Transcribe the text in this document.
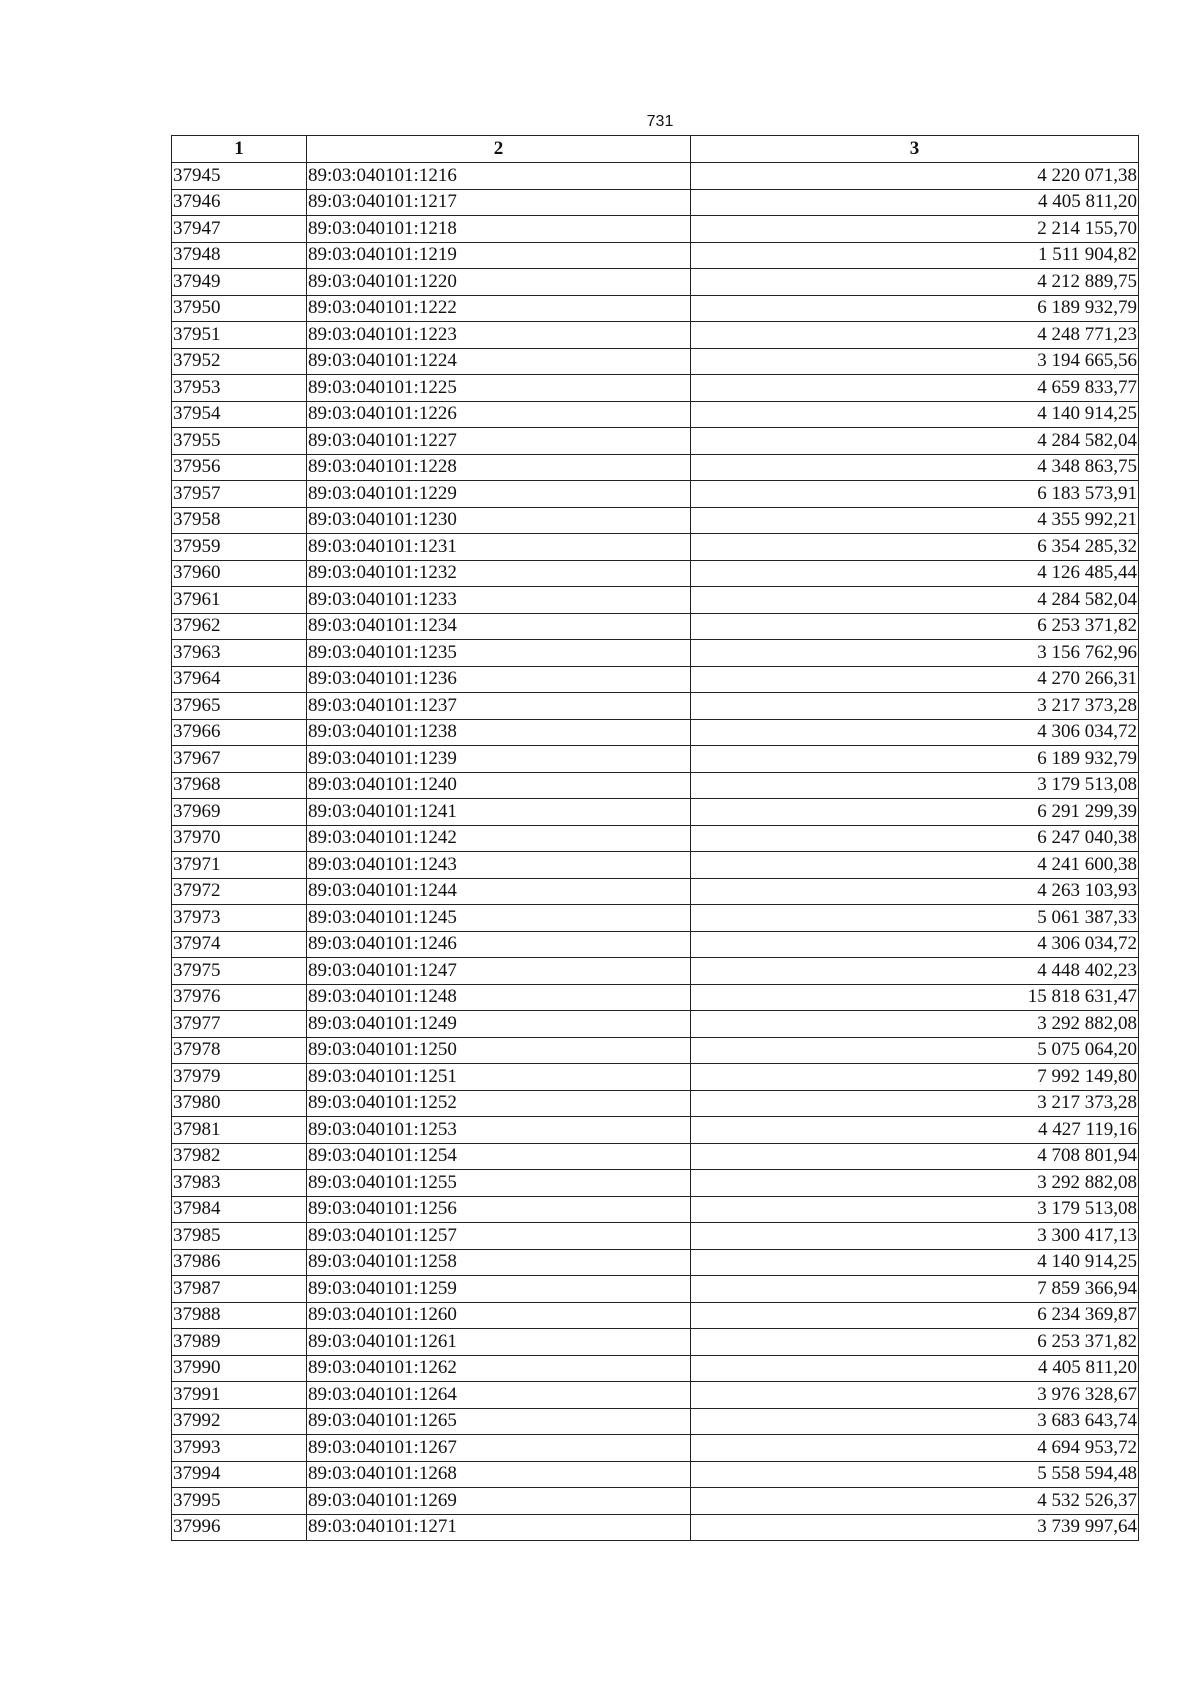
731
1	2	3
37945	89:03:040101:1216	4 220 071,38
37946	89:03:040101:1217	4 405 811,20
37947	89:03:040101:1218	2 214 155,70
37948	89:03:040101:1219	1 511 904,82
37949	89:03:040101:1220	4 212 889,75
37950	89:03:040101:1222	6 189 932,79
37951	89:03:040101:1223	4 248 771,23
37952	89:03:040101:1224	3 194 665,56
37953	89:03:040101:1225	4 659 833,77
37954	89:03:040101:1226	4 140 914,25
37955	89:03:040101:1227	4 284 582,04
37956	89:03:040101:1228	4 348 863,75
37957	89:03:040101:1229	6 183 573,91
37958	89:03:040101:1230	4 355 992,21
37959	89:03:040101:1231	6 354 285,32
37960	89:03:040101:1232	4 126 485,44
37961	89:03:040101:1233	4 284 582,04
37962	89:03:040101:1234	6 253 371,82
37963	89:03:040101:1235	3 156 762,96
37964	89:03:040101:1236	4 270 266,31
37965	89:03:040101:1237	3 217 373,28
37966	89:03:040101:1238	4 306 034,72
37967	89:03:040101:1239	6 189 932,79
37968	89:03:040101:1240	3 179 513,08
37969	89:03:040101:1241	6 291 299,39
37970	89:03:040101:1242	6 247 040,38
37971	89:03:040101:1243	4 241 600,38
37972	89:03:040101:1244	4 263 103,93
37973	89:03:040101:1245	5 061 387,33
37974	89:03:040101:1246	4 306 034,72
37975	89:03:040101:1247	4 448 402,23
37976	89:03:040101:1248	15 818 631,47
37977	89:03:040101:1249	3 292 882,08
37978	89:03:040101:1250	5 075 064,20
37979	89:03:040101:1251	7 992 149,80
37980	89:03:040101:1252	3 217 373,28
37981	89:03:040101:1253	4 427 119,16
37982	89:03:040101:1254	4 708 801,94
37983	89:03:040101:1255	3 292 882,08
37984	89:03:040101:1256	3 179 513,08
37985	89:03:040101:1257	3 300 417,13
37986	89:03:040101:1258	4 140 914,25
37987	89:03:040101:1259	7 859 366,94
37988	89:03:040101:1260	6 234 369,87
37989	89:03:040101:1261	6 253 371,82
37990	89:03:040101:1262	4 405 811,20
37991	89:03:040101:1264	3 976 328,67
37992	89:03:040101:1265	3 683 643,74
37993	89:03:040101:1267	4 694 953,72
37994	89:03:040101:1268	5 558 594,48
37995	89:03:040101:1269	4 532 526,37
37996	89:03:040101:1271	3 739 997,64
